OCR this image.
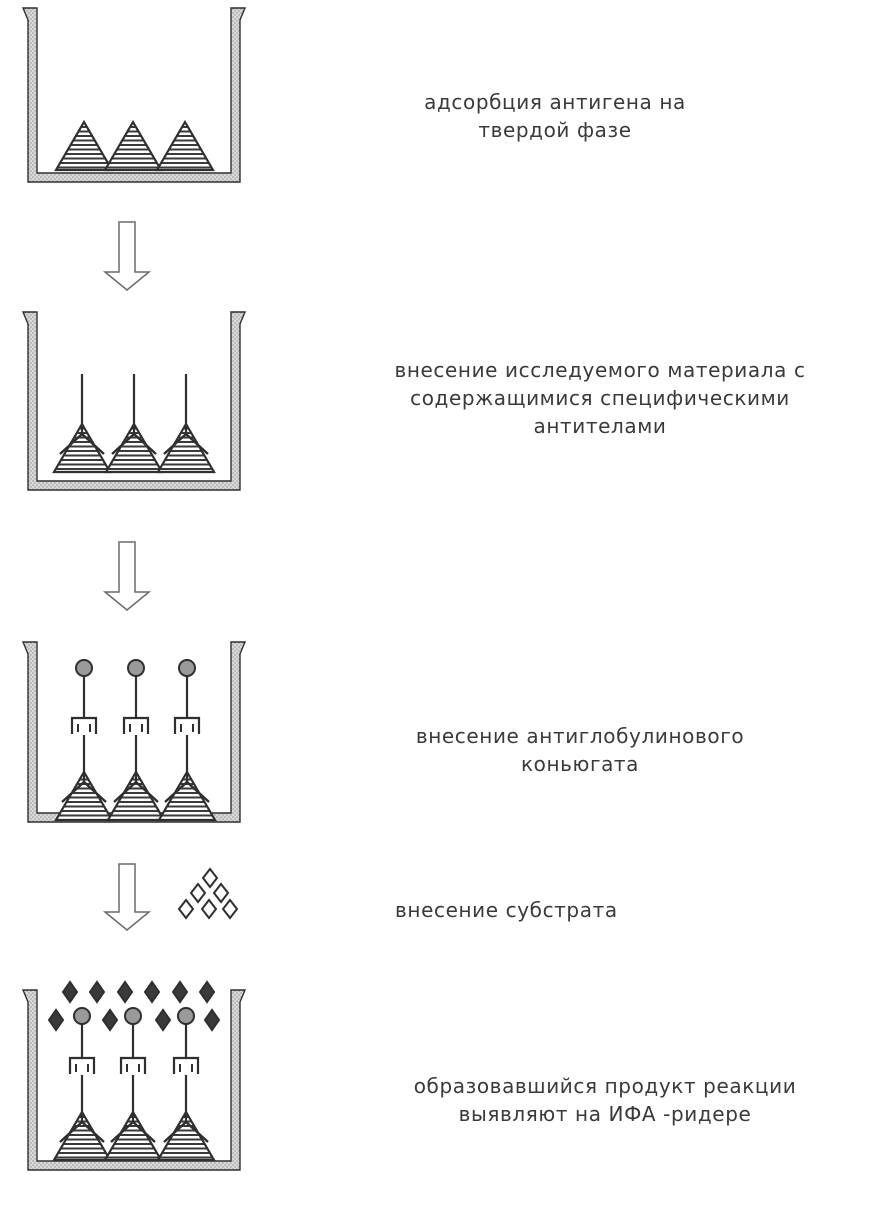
адсорбция антигена на
твердой фазе
внесение исследуемого материала с
содержащимися специфическими
антителами
внесение антиглобулинового
коньюгата
внесение субстрата
образовавшийся продукт реакции
выявляют на ИФА -ридере
